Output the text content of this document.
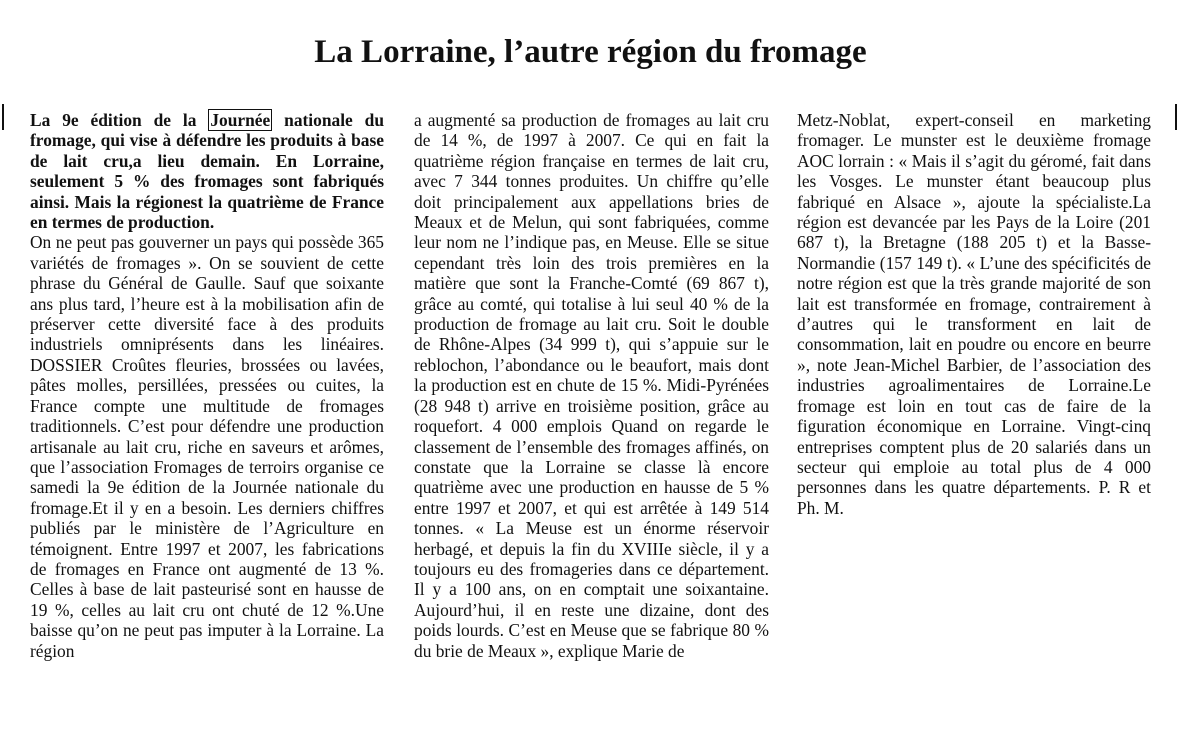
La Lorraine, l’autre région du fromage

La 9e édition de la Journée nationale du fromage, qui vise à défendre les produits à base de lait cru,a lieu demain. En Lorraine, seulement 5 % des fromages sont fabriqués ainsi. Mais la régionest la quatrième de France en termes de production.

On ne peut pas gouverner un pays qui possède 365 variétés de fromages ». On se souvient de cette phrase du Général de Gaulle. Sauf que soixante ans plus tard, l’heure est à la mobilisation afin de préserver cette diversité face à des produits industriels omniprésents dans les linéaires. DOSSIER Croûtes fleuries, brossées ou lavées, pâtes molles, persillées, pressées ou cuites, la France compte une multitude de fromages traditionnels. C’est pour défendre une production artisanale au lait cru, riche en saveurs et arômes, que l’association Fromages de terroirs organise ce samedi la 9e édition de la Journée nationale du fromage.Et il y en a besoin. Les derniers chiffres publiés par le ministère de l’Agriculture en témoignent. Entre 1997 et 2007, les fabrications de fromages en France ont augmenté de 13 %. Celles à base de lait pasteurisé sont en hausse de 19 %, celles au lait cru ont chuté de 12 %.Une baisse qu’on ne peut pas imputer à la Lorraine. La région

a augmenté sa production de fromages au lait cru de 14 %, de 1997 à 2007. Ce qui en fait la quatrième région française en termes de lait cru, avec 7 344 tonnes produites. Un chiffre qu’elle doit principalement aux appellations bries de Meaux et de Melun, qui sont fabriquées, comme leur nom ne l’indique pas, en Meuse. Elle se situe cependant très loin des trois premières en la matière que sont la Franche-Comté (69 867 t), grâce au comté, qui totalise à lui seul 40 % de la production de fromage au lait cru. Soit le double de Rhône-Alpes (34 999 t), qui s’appuie sur le reblochon, l’abondance ou le beaufort, mais dont la production est en chute de 15 %. Midi-Pyrénées (28 948 t) arrive en troisième position, grâce au roquefort. 4 000 emplois Quand on regarde le classement de l’ensemble des fromages affinés, on constate que la Lorraine se classe là encore quatrième avec une production en hausse de 5 % entre 1997 et 2007, et qui est arrêtée à 149 514 tonnes. « La Meuse est un énorme réservoir herbagé, et depuis la fin du XVIIIe siècle, il y a toujours eu des fromageries dans ce département. Il y a 100 ans, on en comptait une soixantaine. Aujourd’hui, il en reste une dizaine, dont des poids lourds. C’est en Meuse que se fabrique 80 % du brie de Meaux », explique Marie de

Metz-Noblat, expert-conseil en marketing fromager. Le munster est le deuxième fromage AOC lorrain : « Mais il s’agit du géromé, fait dans les Vosges. Le munster étant beaucoup plus fabriqué en Alsace », ajoute la spécialiste.La région est devancée par les Pays de la Loire (201 687 t), la Bretagne (188 205 t) et la Basse-Normandie (157 149 t). « L’une des spécificités de notre région est que la très grande majorité de son lait est transformée en fromage, contrairement à d’autres qui le transforment en lait de consommation, lait en poudre ou encore en beurre », note Jean-Michel Barbier, de l’association des industries agroalimentaires de Lorraine.Le fromage est loin en tout cas de faire de la figuration économique en Lorraine. Vingt-cinq entreprises comptent plus de 20 salariés dans un secteur qui emploie au total plus de 4 000 personnes dans les quatre départements. P. R et Ph. M.
